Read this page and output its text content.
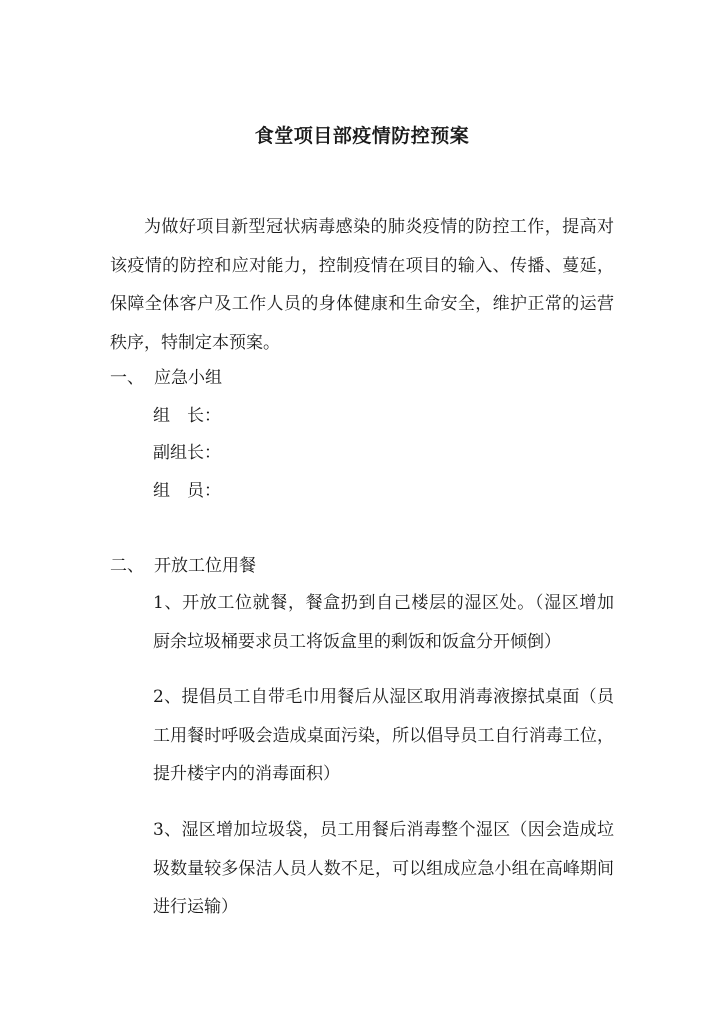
食堂项目部疫情防控预案

为做好项目新型冠状病毒感染的肺炎疫情的防控工作，提高对该疫情的防控和应对能力，控制疫情在项目的输入、传播、蔓延，保障全体客户及工作人员的身体健康和生命安全，维护正常的运营秩序，特制定本预案。

一、 应急小组
组　长：
副组长：
组　员：
二、 开放工位用餐

1、开放工位就餐，餐盒扔到自己楼层的湿区处。（湿区增加厨余垃圾桶要求员工将饭盒里的剩饭和饭盒分开倾倒）

2、提倡员工自带毛巾用餐后从湿区取用消毒液擦拭桌面（员工用餐时呼吸会造成桌面污染，所以倡导员工自行消毒工位，提升楼宇内的消毒面积）

3、湿区增加垃圾袋，员工用餐后消毒整个湿区（因会造成垃圾数量较多保洁人员人数不足，可以组成应急小组在高峰期间进行运输）
